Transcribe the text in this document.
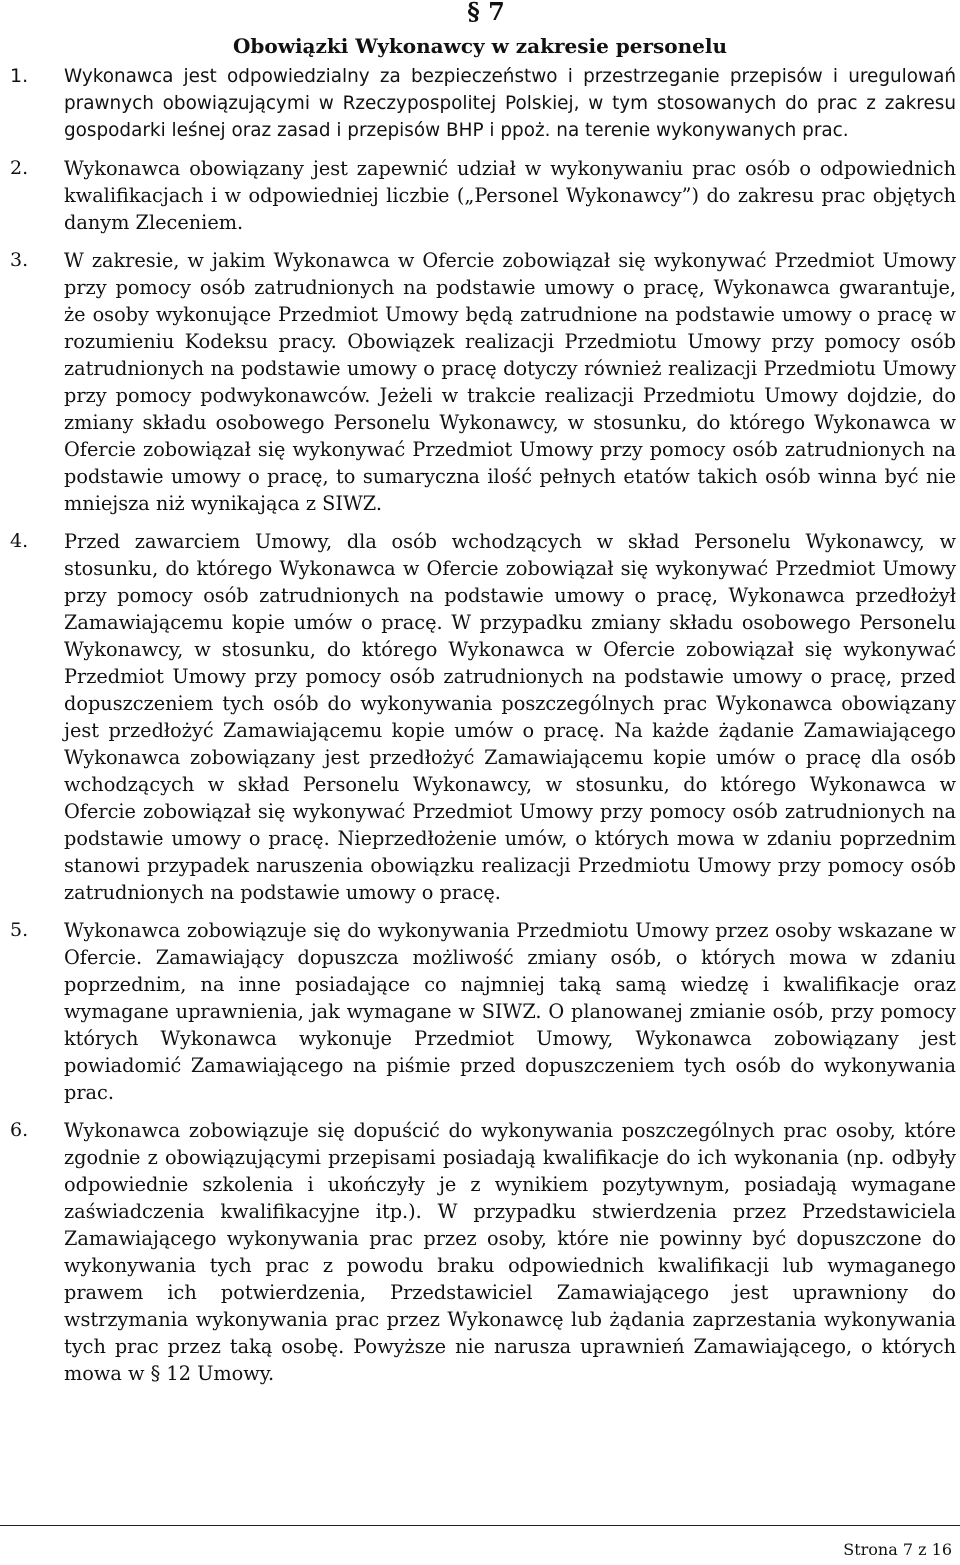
§ 7
Obowiązki Wykonawcy w zakresie personelu
1. Wykonawca jest odpowiedzialny za bezpieczeństwo i przestrzeganie przepisów i uregulowań prawnych obowiązującymi w Rzeczypospolitej Polskiej, w tym stosowanych do prac z zakresu gospodarki leśnej oraz zasad i przepisów BHP i ppoż. na terenie wykonywanych prac.
2. Wykonawca obowiązany jest zapewnić udział w wykonywaniu prac osób o odpowiednich kwalifikacjach i w odpowiedniej liczbie („Personel Wykonawcy”) do zakresu prac objętych danym Zleceniem.
3. W zakresie, w jakim Wykonawca w Ofercie zobowiązał się wykonywać Przedmiot Umowy przy pomocy osób zatrudnionych na podstawie umowy o pracę, Wykonawca gwarantuje, że osoby wykonujące Przedmiot Umowy będą zatrudnione na podstawie umowy o pracę w rozumieniu Kodeksu pracy. Obowiązek realizacji Przedmiotu Umowy przy pomocy osób zatrudnionych na podstawie umowy o pracę dotyczy również realizacji Przedmiotu Umowy przy pomocy podwykonawców. Jeżeli w trakcie realizacji Przedmiotu Umowy dojdzie, do zmiany składu osobowego Personelu Wykonawcy, w stosunku, do którego Wykonawca w Ofercie zobowiązał się wykonywać Przedmiot Umowy przy pomocy osób zatrudnionych na podstawie umowy o pracę, to sumaryczna ilość pełnych etatów takich osób winna być nie mniejsza niż wynikająca z SIWZ.
4. Przed zawarciem Umowy, dla osób wchodzących w skład Personelu Wykonawcy, w stosunku, do którego Wykonawca w Ofercie zobowiązał się wykonywać Przedmiot Umowy przy pomocy osób zatrudnionych na podstawie umowy o pracę, Wykonawca przedłożył Zamawiającemu kopie umów o pracę. W przypadku zmiany składu osobowego Personelu Wykonawcy, w stosunku, do którego Wykonawca w Ofercie zobowiązał się wykonywać Przedmiot Umowy przy pomocy osób zatrudnionych na podstawie umowy o pracę, przed dopuszczeniem tych osób do wykonywania poszczególnych prac Wykonawca obowiązany jest przedłożyć Zamawiającemu kopie umów o pracę. Na każde żądanie Zamawiającego Wykonawca zobowiązany jest przedłożyć Zamawiającemu kopie umów o pracę dla osób wchodzących w skład Personelu Wykonawcy, w stosunku, do którego Wykonawca w Ofercie zobowiązał się wykonywać Przedmiot Umowy przy pomocy osób zatrudnionych na podstawie umowy o pracę. Nieprzedłożenie umów, o których mowa w zdaniu poprzednim stanowi przypadek naruszenia obowiązku realizacji Przedmiotu Umowy przy pomocy osób zatrudnionych na podstawie umowy o pracę.
5. Wykonawca zobowiązuje się do wykonywania Przedmiotu Umowy przez osoby wskazane w Ofercie. Zamawiający dopuszcza możliwość zmiany osób, o których mowa w zdaniu poprzednim, na inne posiadające co najmniej taką samą wiedzę i kwalifikacje oraz wymagane uprawnienia, jak wymagane w SIWZ. O planowanej zmianie osób, przy pomocy których Wykonawca wykonuje Przedmiot Umowy, Wykonawca zobowiązany jest powiadomić Zamawiającego na piśmie przed dopuszczeniem tych osób do wykonywania prac.
6. Wykonawca zobowiązuje się dopuścić do wykonywania poszczególnych prac osoby, które zgodnie z obowiązującymi przepisami posiadają kwalifikacje do ich wykonania (np. odbyły odpowiednie szkolenia i ukończyły je z wynikiem pozytywnym, posiadają wymagane zaświadczenia kwalifikacyjne itp.). W przypadku stwierdzenia przez Przedstawiciela Zamawiającego wykonywania prac przez osoby, które nie powinny być dopuszczone do wykonywania tych prac z powodu braku odpowiednich kwalifikacji lub wymaganego prawem ich potwierdzenia, Przedstawiciel Zamawiającego jest uprawniony do wstrzymania wykonywania prac przez Wykonawcę lub żądania zaprzestania wykonywania tych prac przez taką osobę. Powyższe nie narusza uprawnień Zamawiającego, o których mowa w § 12 Umowy.
Strona 7 z 16
